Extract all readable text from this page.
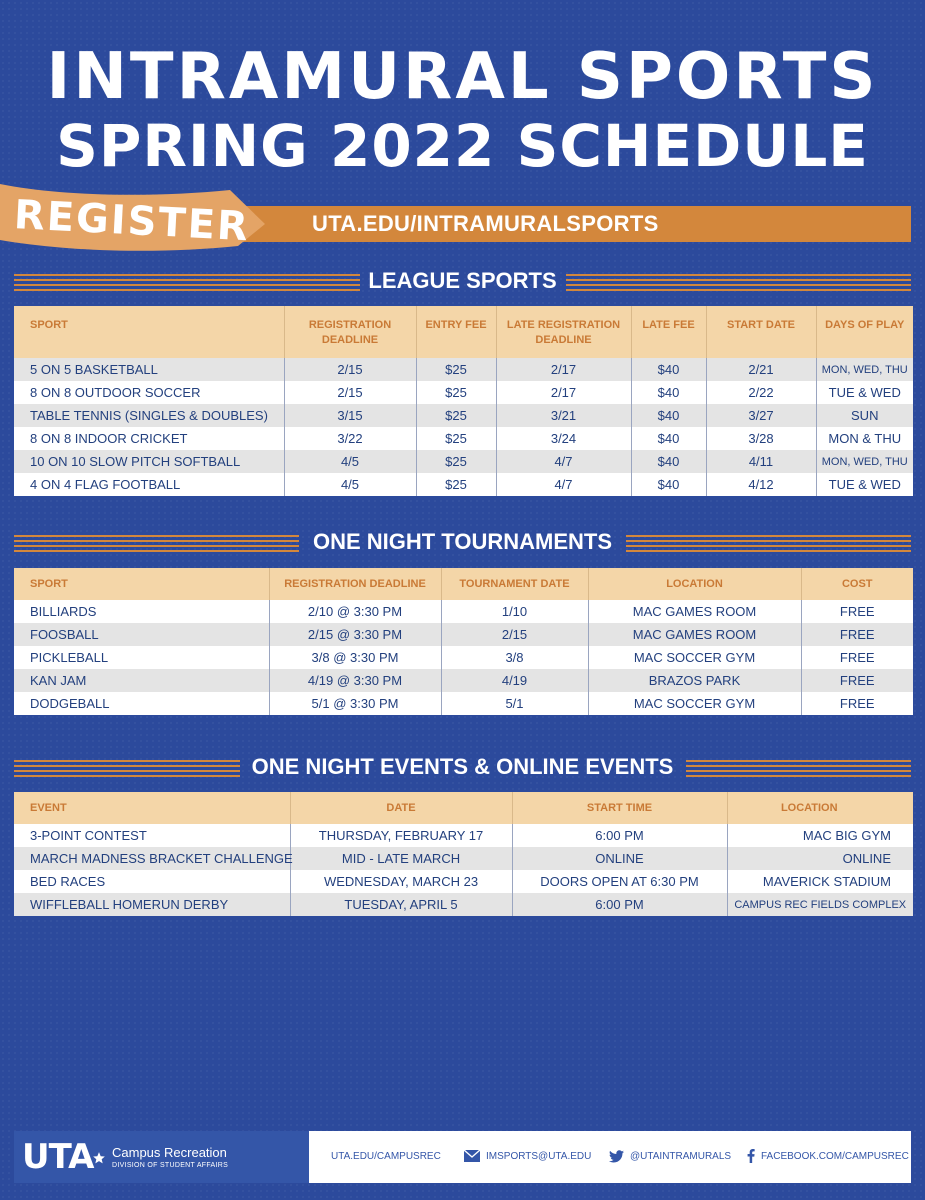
INTRAMURAL SPORTS
SPRING 2022 SCHEDULE
REGISTER	UTA.EDU/INTRAMURALSPORTS
LEAGUE SPORTS
SPORT	REGISTRATION DEADLINE	ENTRY FEE	LATE REGISTRATION DEADLINE	LATE FEE	START DATE	DAYS OF PLAY
5 ON 5 BASKETBALL	2/15	$25	2/17	$40	2/21	MON, WED, THU
8 ON 8 OUTDOOR SOCCER	2/15	$25	2/17	$40	2/22	TUE & WED
TABLE TENNIS (SINGLES & DOUBLES)	3/15	$25	3/21	$40	3/27	SUN
8 ON 8 INDOOR CRICKET	3/22	$25	3/24	$40	3/28	MON & THU
10 ON 10 SLOW PITCH SOFTBALL	4/5	$25	4/7	$40	4/11	MON, WED, THU
4 ON 4 FLAG FOOTBALL	4/5	$25	4/7	$40	4/12	TUE & WED
ONE NIGHT TOURNAMENTS
SPORT	REGISTRATION DEADLINE	TOURNAMENT DATE	LOCATION	COST
BILLIARDS	2/10 @ 3:30 PM	1/10	MAC GAMES ROOM	FREE
FOOSBALL	2/15 @ 3:30 PM	2/15	MAC GAMES ROOM	FREE
PICKLEBALL	3/8 @ 3:30 PM	3/8	MAC SOCCER GYM	FREE
KAN JAM	4/19 @ 3:30 PM	4/19	BRAZOS PARK	FREE
DODGEBALL	5/1 @ 3:30 PM	5/1	MAC SOCCER GYM	FREE
ONE NIGHT EVENTS & ONLINE EVENTS
EVENT	DATE	START TIME	LOCATION
3-POINT CONTEST	THURSDAY, FEBRUARY 17	6:00 PM	MAC BIG GYM
MARCH MADNESS BRACKET CHALLENGE	MID - LATE MARCH	ONLINE	ONLINE
BED RACES	WEDNESDAY, MARCH 23	DOORS OPEN AT 6:30 PM	MAVERICK STADIUM
WIFFLEBALL HOMERUN DERBY	TUESDAY, APRIL 5	6:00 PM	CAMPUS REC FIELDS COMPLEX
UTA Campus Recreation
DIVISION OF STUDENT AFFAIRS
UTA.EDU/CAMPUSREC	IMSPORTS@UTA.EDU	@UTAINTRAMURALS	FACEBOOK.COM/CAMPUSREC
